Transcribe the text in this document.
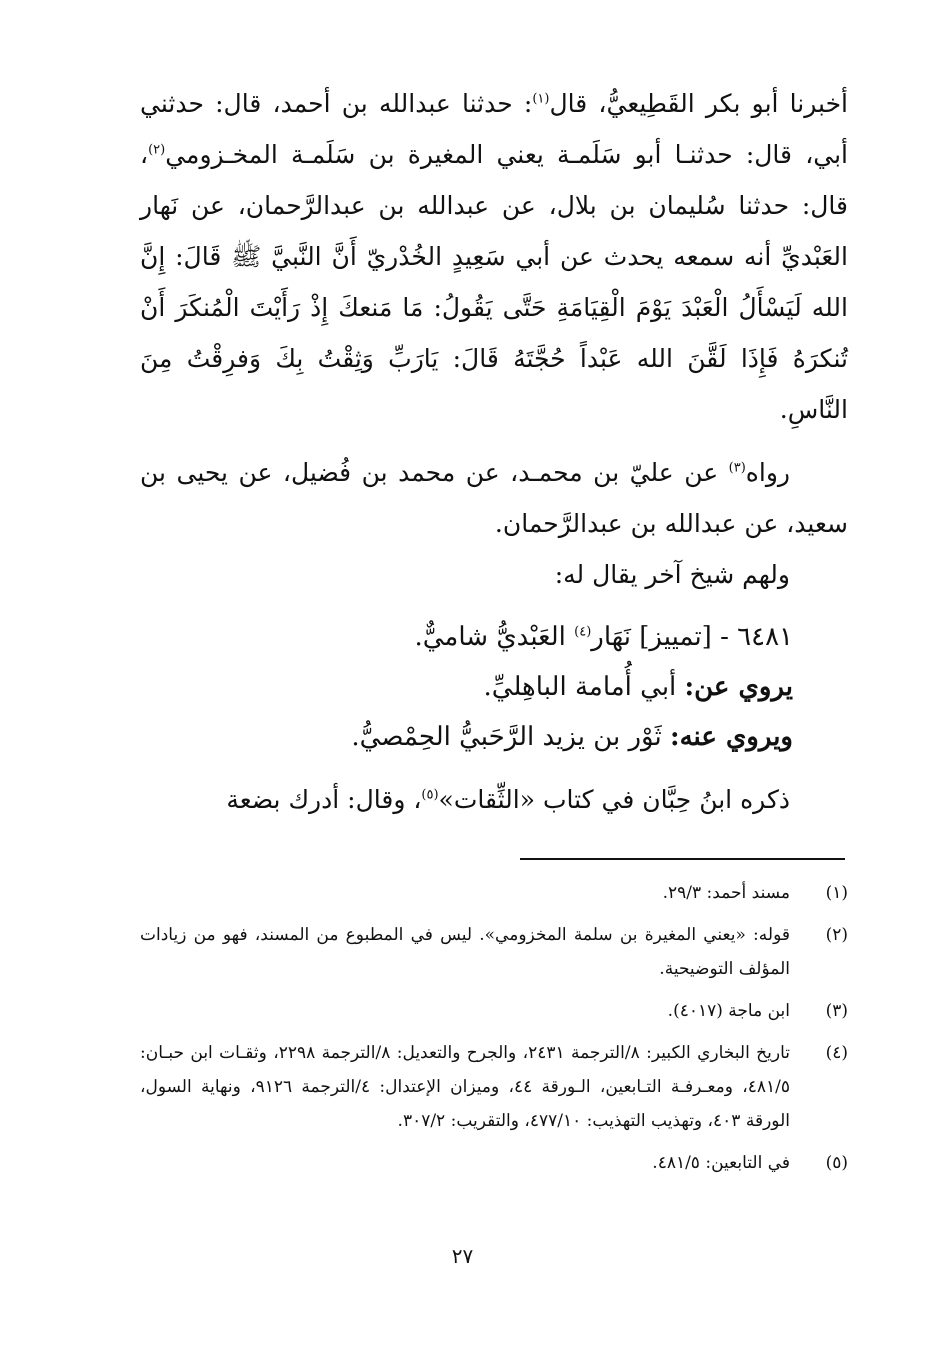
أخبرنا أبو بكر القَطِيعيُّ، قال$^{(١)}$: حدثنا عبدالله بن أحمد، قال: حدثني أبي، قال: حدثنـا أبو سَلَمـة يعني المغيرة بن سَلَمـة المخـزومي$^{(٢)}$، قال: حدثنا سُليمان بن بلال، عن عبدالله بن عبدالرَّحمان، عن نَهار العَبْديِّ أنه سمعه يحدث عن أبي سَعِيدٍ الخُدْريّ أَنَّ النَّبيَّ ﷺ قَالَ: إِنَّ الله لَيَسْأَلُ الْعَبْدَ يَوْمَ الْقِيَامَةِ حَتَّى يَقُولُ: مَا مَنعكَ إِذْ رَأَيْتَ الْمُنكَرَ أَنْ تُنكرَهُ فَإِذَا لَقَّنَ الله عَبْداً حُجَّتَهُ قَالَ: يَارَبِّ وَثِقْتُ بِكَ وَفرِقْتُ مِنَ النَّاسِ.

رواه$^{(٣)}$ عن عليّ بن محمـد، عن محمد بن فُضيل، عن يحيى بن سعيد، عن عبدالله بن عبدالرَّحمان.

ولهم شيخ آخر يقال له:

٦٤٨١ - [تمييز] نَهَار$^{(٤)}$ العَبْديُّ شاميٌّ.

يروي عن: أبي أُمامة الباهِليِّ.

ويروي عنه: ثَوْر بن يزيد الرَّحَبيُّ الحِمْصيُّ.

ذكره ابنُ حِبَّان في كتاب «الثِّقات»$^{(٥)}$، وقال: أدرك بضعة

(١)
مسند أحمد: ٢٩/٣.
(٢)
قوله: «يعني المغيرة بن سلمة المخزومي». ليس في المطبوع من المسند، فهو من زيادات المؤلف التوضيحية.
(٣)
ابن ماجة (٤٠١٧).
(٤)
تاريخ البخاري الكبير: ٨/الترجمة ٢٤٣١، والجرح والتعديل: ٨/الترجمة ٢٢٩٨، وثقـات ابن حبـان: ٤٨١/٥، ومعـرفـة التـابعين، الـورقة ٤٤، وميزان الإعتدال: ٤/الترجمة ٩١٢٦، ونهاية السول، الورقة ٤٠٣، وتهذيب التهذيب: ٤٧٧/١٠، والتقريب: ٣٠٧/٢.
(٥)
في التابعين: ٤٨١/٥.
٢٧
